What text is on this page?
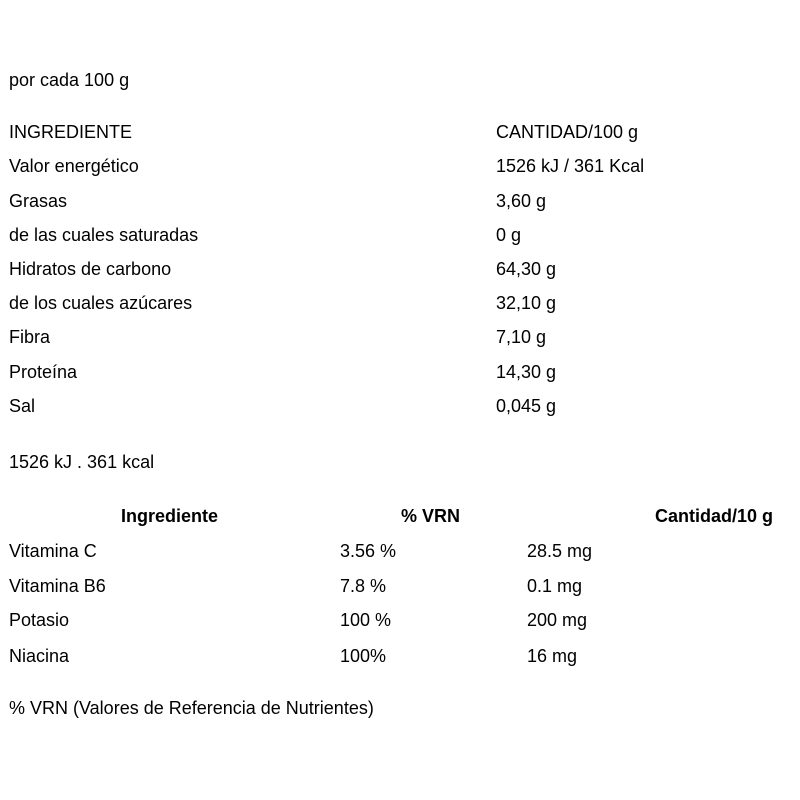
por cada 100 g
INGREDIENTE	CANTIDAD/100 g
Valor energético	1526 kJ / 361 Kcal
Grasas	3,60 g
de las cuales saturadas	0 g
Hidratos de carbono	64,30 g
de los cuales azúcares	32,10 g
Fibra	7,10 g
Proteína	14,30 g
Sal	0,045 g
1526 kJ . 361 kcal
Ingrediente	% VRN	Cantidad/10 g
Vitamina C	3.56 %	28.5 mg
Vitamina B6	7.8 %	0.1 mg
Potasio	100 %	200 mg
Niacina	100%	16 mg
% VRN (Valores de Referencia de Nutrientes)
